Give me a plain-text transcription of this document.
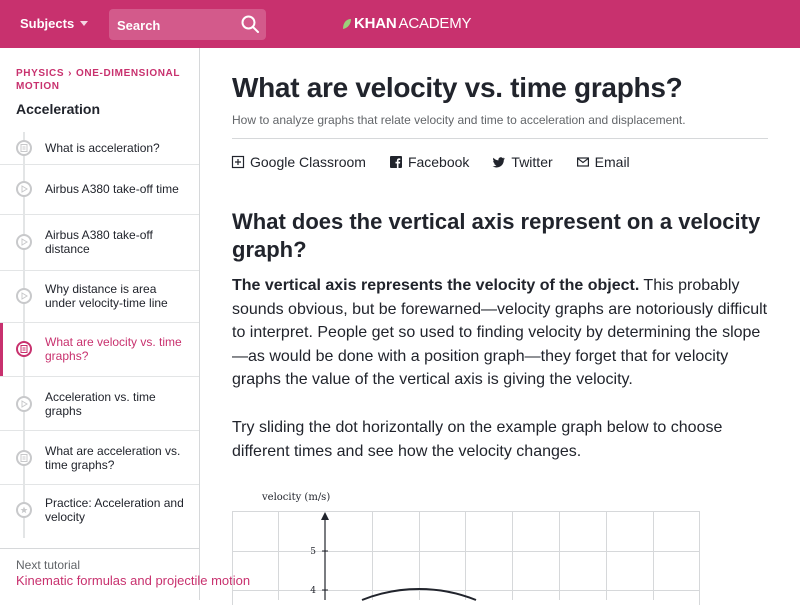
Subjects
Search	KHAN ACADEMY
PHYSICS › ONE-DIMENSIONAL MOTION
Acceleration
What is acceleration?
Airbus A380 take-off time
Airbus A380 take-off distance
Why distance is area under velocity-time line
What are velocity vs. time graphs?
Acceleration vs. time graphs
What are acceleration vs. time graphs?
Practice: Acceleration and velocity
Next tutorial
Kinematic formulas and projectile motion
What are velocity vs. time graphs?
How to analyze graphs that relate velocity and time to acceleration and displacement.
Google Classroom	Facebook	Twitter	Email
What does the vertical axis represent on a velocity graph?

The vertical axis represents the velocity of the object. This probably sounds obvious, but be forewarned—velocity graphs are notoriously difficult to interpret. People get so used to finding velocity by determining the slope—as would be done with a position graph—they forget that for velocity graphs the value of the vertical axis is giving the velocity.

Try sliding the dot horizontally on the example graph below to choose different times and see how the velocity changes.

velocity (m/s)
5
4
